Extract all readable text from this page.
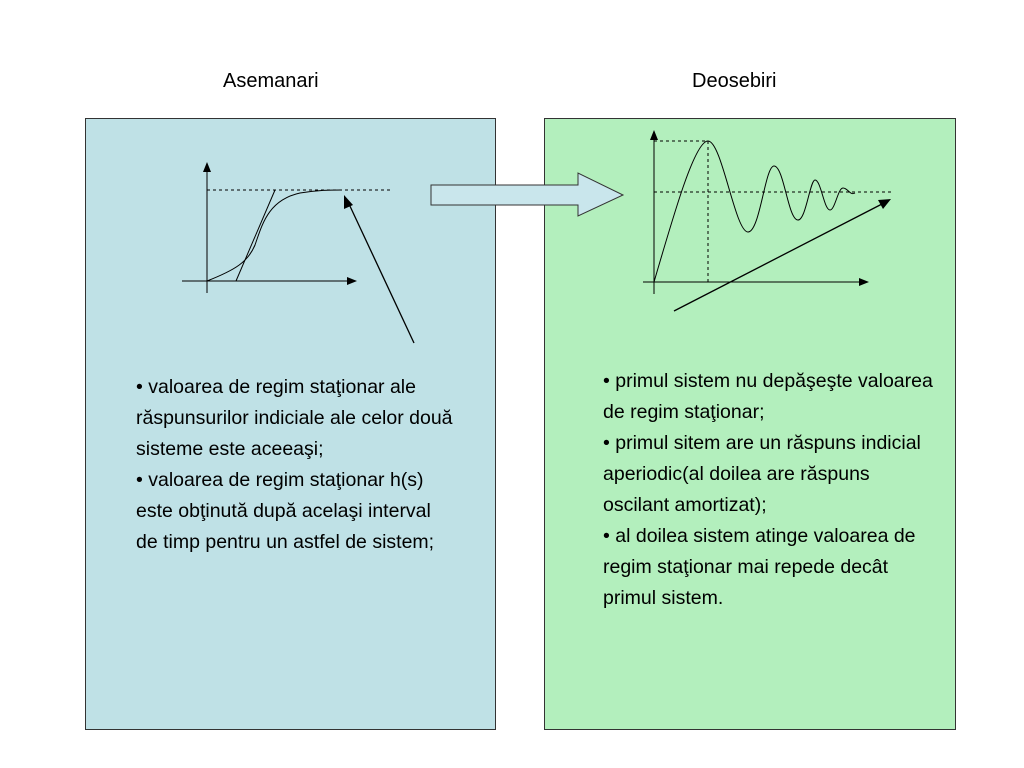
Asemanari	Deosebiri
• valoarea de regim staţionar ale răspunsurilor indiciale ale celor două sisteme este aceeaşi;
• valoarea de regim staţionar h(s) este obţinută după acelaşi interval de timp pentru un astfel de sistem;
• primul sistem nu depăşeşte valoarea de regim staţionar;
• primul sitem are un răspuns indicial aperiodic(al doilea are răspuns oscilant amortizat);
• al doilea sistem atinge valoarea de regim staţionar mai repede decât primul sistem.
